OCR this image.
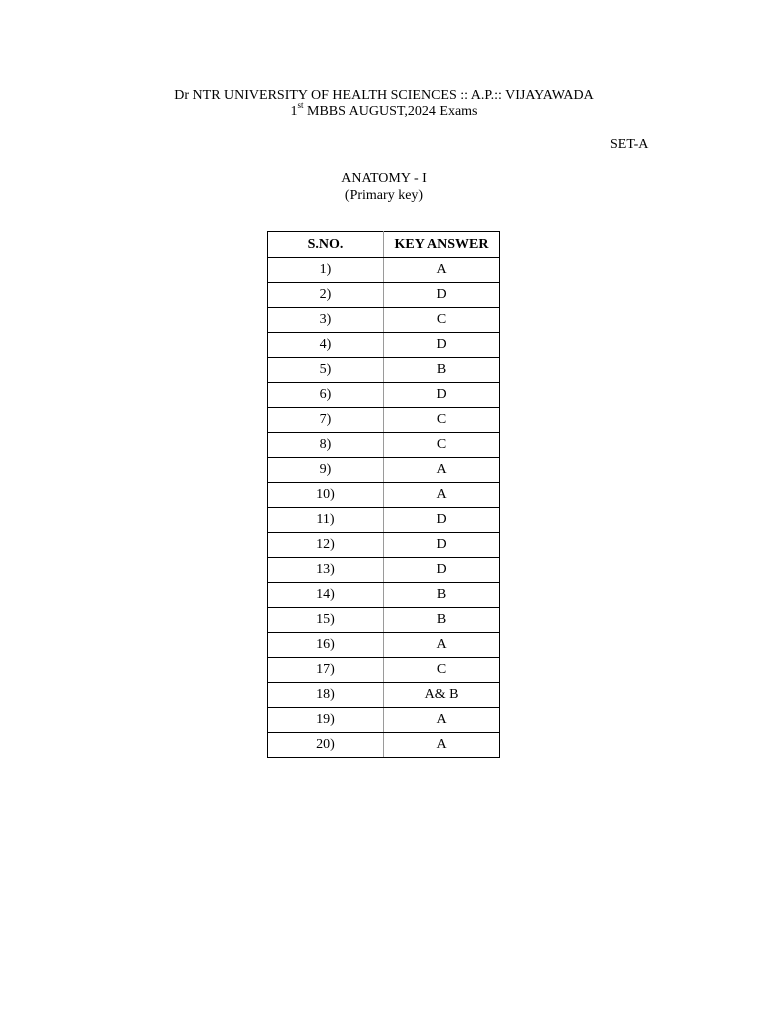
Dr NTR UNIVERSITY OF HEALTH SCIENCES :: A.P.:: VIJAYAWADA
1st MBBS AUGUST,2024 Exams
SET-A
ANATOMY - I
(Primary key)
S.NO.	KEY ANSWER
1)	A
2)	D
3)	C
4)	D
5)	B
6)	D
7)	C
8)	C
9)	A
10)	A
11)	D
12)	D
13)	D
14)	B
15)	B
16)	A
17)	C
18)	A& B
19)	A
20)	A
